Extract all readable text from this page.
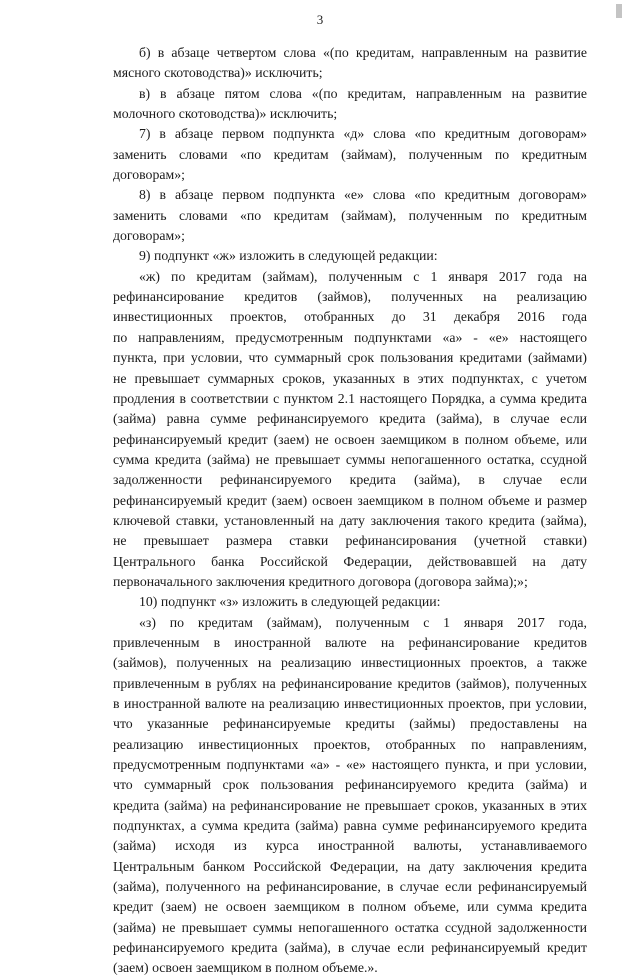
3
б) в абзаце четвертом слова «(по кредитам, направленным на развитие
мясного скотоводства)» исключить;
в) в абзаце пятом слова «(по кредитам, направленным на развитие
молочного скотоводства)» исключить;
7) в абзаце первом подпункта «д» слова «по кредитным договорам»
заменить словами «по кредитам (займам), полученным по кредитным
договорам»;
8) в абзаце первом подпункта «е» слова «по кредитным договорам»
заменить словами «по кредитам (займам), полученным по кредитным
договорам»;
9) подпункт «ж» изложить в следующей редакции:
«ж) по кредитам (займам), полученным с 1 января 2017 года на
рефинансирование кредитов (займов), полученных на реализацию
инвестиционных проектов, отобранных до 31 декабря 2016 года
по направлениям, предусмотренным подпунктами «а» - «е» настоящего
пункта, при условии, что суммарный срок пользования кредитами (займами)
не превышает суммарных сроков, указанных в этих подпунктах, с учетом
продления в соответствии с пунктом 2.1 настоящего Порядка, а сумма кредита
(займа) равна сумме рефинансируемого кредита (займа), в случае если
рефинансируемый кредит (заем) не освоен заемщиком в полном объеме, или
сумма кредита (займа) не превышает суммы непогашенного остатка, ссудной
задолженности рефинансируемого кредита (займа), в случае если
рефинансируемый кредит (заем) освоен заемщиком в полном объеме и размер
ключевой ставки, установленный на дату заключения такого кредита (займа),
не превышает размера ставки рефинансирования (учетной ставки)
Центрального банка Российской Федерации, действовавшей на дату
первоначального заключения кредитного договора (договора займа);»;
10) подпункт «з» изложить в следующей редакции:
«з) по кредитам (займам), полученным с 1 января 2017 года,
привлеченным в иностранной валюте на рефинансирование кредитов
(займов), полученных на реализацию инвестиционных проектов, а также
привлеченным в рублях на рефинансирование кредитов (займов), полученных
в иностранной валюте на реализацию инвестиционных проектов, при условии,
что указанные рефинансируемые кредиты (займы) предоставлены на
реализацию инвестиционных проектов, отобранных по направлениям,
предусмотренным подпунктами «а» - «е» настоящего пункта, и при условии,
что суммарный срок пользования рефинансируемого кредита (займа) и
кредита (займа) на рефинансирование не превышает сроков, указанных в этих
подпунктах, а сумма кредита (займа) равна сумме рефинансируемого кредита
(займа) исходя из курса иностранной валюты, устанавливаемого
Центральным банком Российской Федерации, на дату заключения кредита
(займа), полученного на рефинансирование, в случае если рефинансируемый
кредит (заем) не освоен заемщиком в полном объеме, или сумма кредита
(займа) не превышает суммы непогашенного остатка ссудной задолженности
рефинансируемого кредита (займа), в случае если рефинансируемый кредит
(заем) освоен заемщиком в полном объеме.».
